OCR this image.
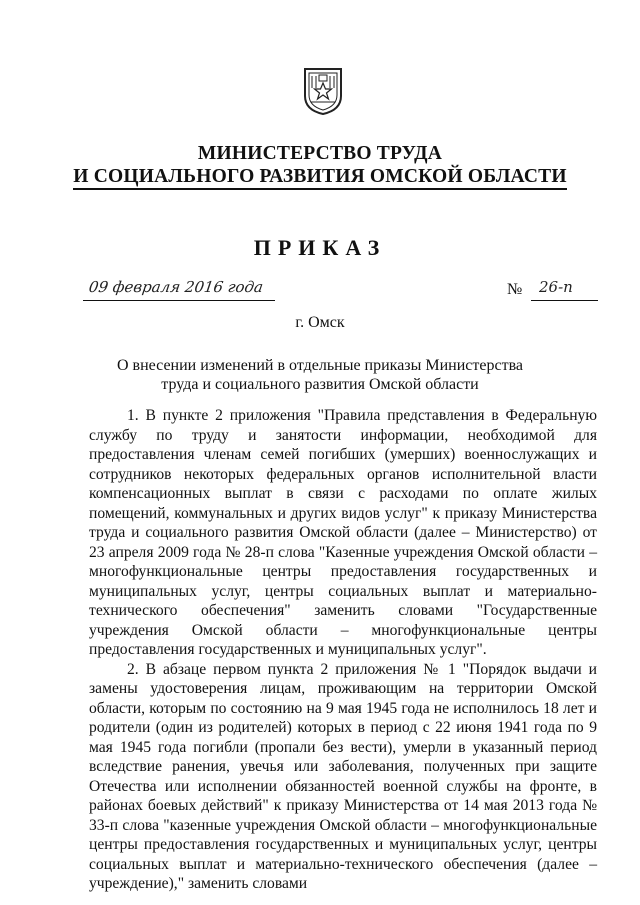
МИНИСТЕРСТВО ТРУДА
И СОЦИАЛЬНОГО РАЗВИТИЯ ОМСКОЙ ОБЛАСТИ
ПРИКАЗ
09 февраля 2016 года	№ 26-п
г. Омск
О внесении изменений в отдельные приказы Министерства труда и социального развития Омской области

1. В пункте 2 приложения "Правила представления в Федеральную службу по труду и занятости информации, необходимой для предоставления членам семей погибших (умерших) военнослужащих и сотрудников некоторых федеральных органов исполнительной власти компенсационных выплат в связи с расходами по оплате жилых помещений, коммунальных и других видов услуг" к приказу Министерства труда и социального развития Омской области (далее – Министерство) от 23 апреля 2009 года № 28-п слова "Казенные учреждения Омской области – многофункциональные центры предоставления государственных и муниципальных услуг, центры социальных выплат и материально-технического обеспечения" заменить словами "Государственные учреждения Омской области – многофункциональные центры предоставления государственных и муниципальных услуг".

2. В абзаце первом пункта 2 приложения № 1 "Порядок выдачи и замены удостоверения лицам, проживающим на территории Омской области, которым по состоянию на 9 мая 1945 года не исполнилось 18 лет и родители (один из родителей) которых в период с 22 июня 1941 года по 9 мая 1945 года погибли (пропали без вести), умерли в указанный период вследствие ранения, увечья или заболевания, полученных при защите Отечества или исполнении обязанностей военной службы на фронте, в районах боевых действий" к приказу Министерства от 14 мая 2013 года № 33-п слова "казенные учреждения Омской области – многофункциональные центры предоставления государственных и муниципальных услуг, центры социальных выплат и материально-технического обеспечения (далее – учреждение)," заменить словами
